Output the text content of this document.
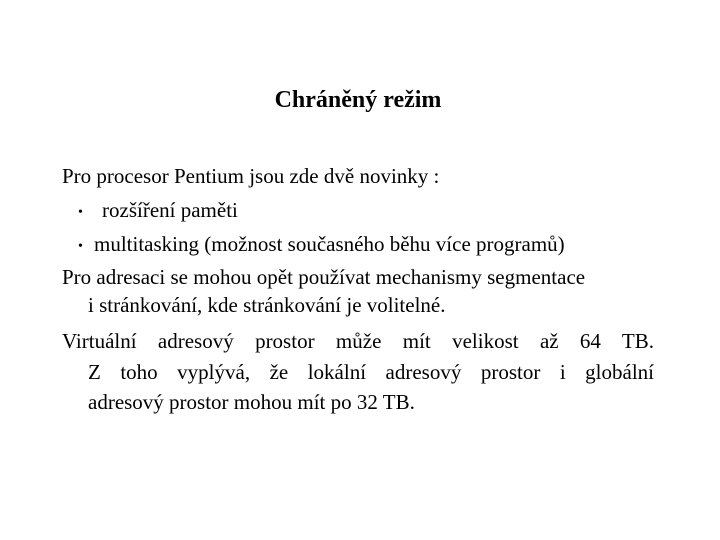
Chráněný režim
Pro procesor Pentium jsou zde dvě novinky :
• rozšíření paměti
• multitasking (možnost současného běhu více programů)
Pro adresaci se mohou opět používat mechanismy segmentace
i stránkování, kde stránkování je volitelné.
Virtuální adresový prostor může mít velikost až 64 TB.
Z toho vyplývá, že lokální adresový prostor i globální
adresový prostor mohou mít po 32 TB.
